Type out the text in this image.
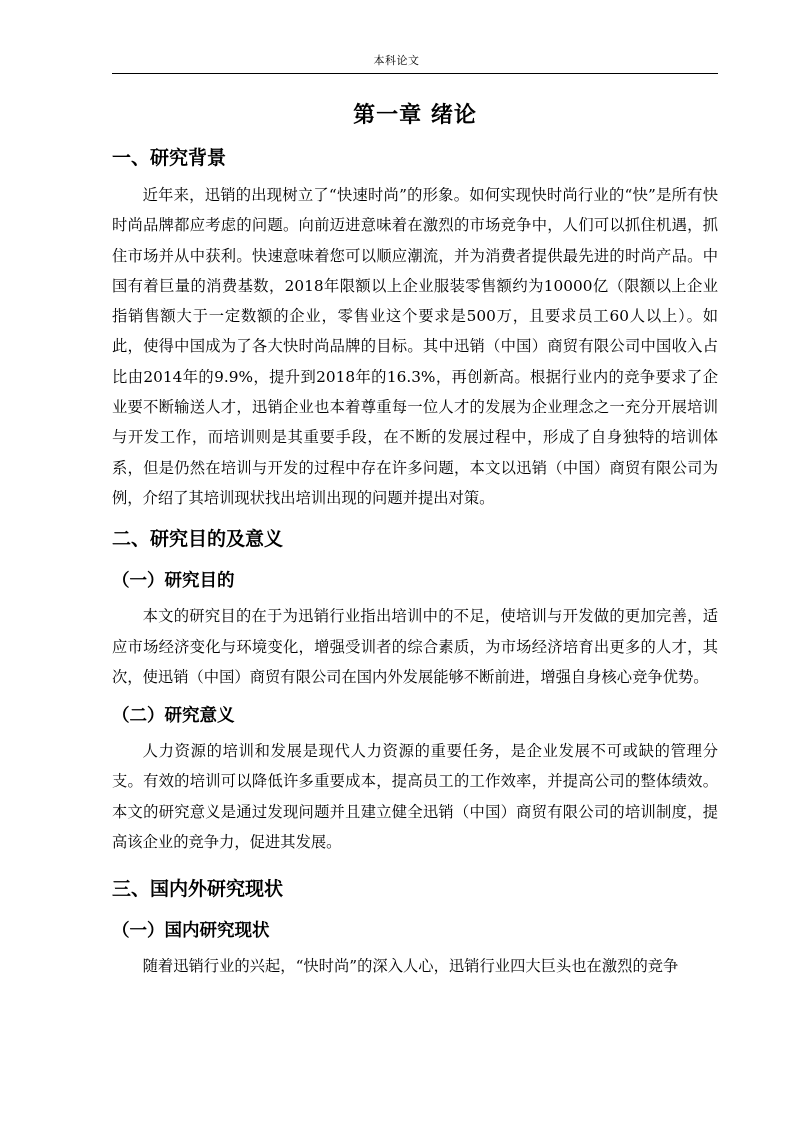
本科论文
第一章 绪论
一、研究背景

近年来，迅销的出现树立了“快速时尚”的形象。如何实现快时尚行业的“快”是所有快时尚品牌都应考虑的问题。向前迈进意味着在激烈的市场竞争中，人们可以抓住机遇，抓住市场并从中获利。快速意味着您可以顺应潮流，并为消费者提供最先进的时尚产品。中国有着巨量的消费基数，2018年限额以上企业服装零售额约为10000亿（限额以上企业指销售额大于一定数额的企业，零售业这个要求是500万，且要求员工60人以上）。如此，使得中国成为了各大快时尚品牌的目标。其中迅销（中国）商贸有限公司中国收入占比由2014年的9.9%，提升到2018年的16.3%，再创新高。根据行业内的竞争要求了企业要不断输送人才，迅销企业也本着尊重每一位人才的发展为企业理念之一充分开展培训与开发工作，而培训则是其重要手段，在不断的发展过程中，形成了自身独特的培训体系，但是仍然在培训与开发的过程中存在许多问题，本文以迅销（中国）商贸有限公司为例，介绍了其培训现状找出培训出现的问题并提出对策。

二、研究目的及意义
（一）研究目的

本文的研究目的在于为迅销行业指出培训中的不足，使培训与开发做的更加完善，适应市场经济变化与环境变化，增强受训者的综合素质，为市场经济培育出更多的人才，其次，使迅销（中国）商贸有限公司在国内外发展能够不断前进，增强自身核心竞争优势。

（二）研究意义

人力资源的培训和发展是现代人力资源的重要任务，是企业发展不可或缺的管理分支。有效的培训可以降低许多重要成本，提高员工的工作效率，并提高公司的整体绩效。本文的研究意义是通过发现问题并且建立健全迅销（中国）商贸有限公司的培训制度，提高该企业的竞争力，促进其发展。

三、国内外研究现状
（一）国内研究现状

随着迅销行业的兴起，“快时尚”的深入人心，迅销行业四大巨头也在激烈的竞争
